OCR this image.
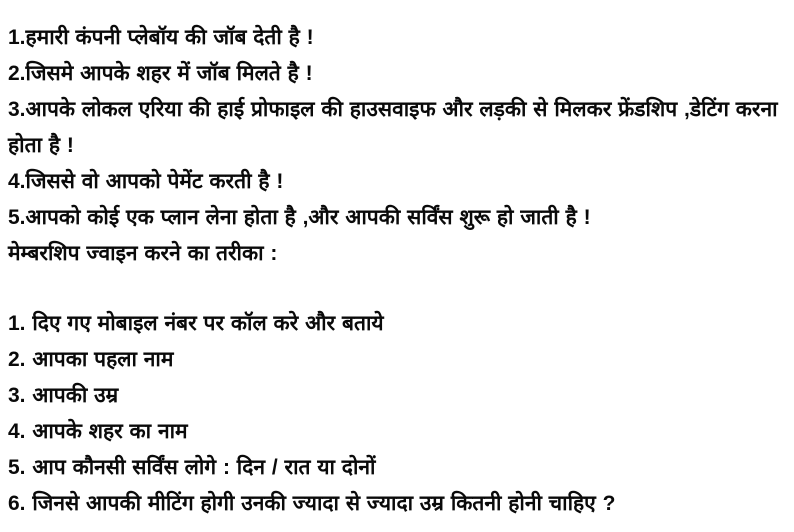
1.हमारी कंपनी प्लेबॉय की जॉब देती है !

2.जिसमे आपके शहर में जॉब मिलते है !

3.आपके लोकल एरिया की हाई प्रोफाइल की हाउसवाइफ और लड़की से मिलकर फ्रेंडशिप ,डेटिंग करना होता है !

4.जिससे वो आपको पेमेंट करती है !

5.आपको कोई एक प्लान लेना होता है ,और आपकी सर्विंस शुरू हो जाती है !

मेम्बरशिप ज्वाइन करने का तरीका :

1. दिए गए मोबाइल नंबर पर कॉल करे और बताये

2. आपका पहला नाम

3. आपकी उम्र

4. आपके शहर का नाम

5. आप कौनसी सर्विंस लोगे : दिन / रात या दोनों

6. जिनसे आपकी मीटिंग होगी उनकी ज्यादा से ज्यादा उम्र कितनी होनी चाहिए ?
